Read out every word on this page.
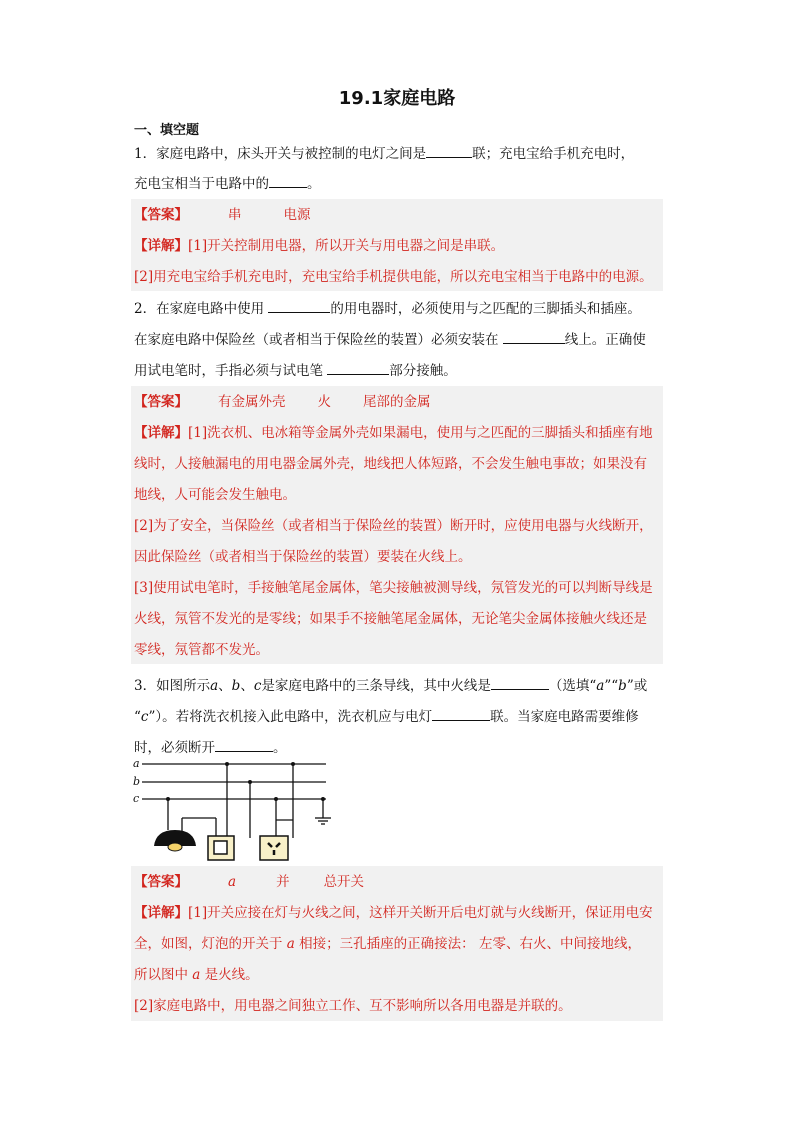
19.1家庭电路
一、填空题
1．家庭电路中，床头开关与被控制的电灯之间是	联；充电宝给手机充电时，
充电宝相当于电路中的	。
【答案】	串	电源
【详解】[1]开关控制用电器，所以开关与用电器之间是串联。
[2]用充电宝给手机充电时，充电宝给手机提供电能，所以充电宝相当于电路中的电源。
2．在家庭电路中使用	的用电器时，必须使用与之匹配的三脚插头和插座。
在家庭电路中保险丝（或者相当于保险丝的装置）必须安装在	线上。正确使
用试电笔时，手指必须与试电笔	部分接触。
【答案】 有金属外壳 火 尾部的金属
【详解】[1]洗衣机、电冰箱等金属外壳如果漏电，使用与之匹配的三脚插头和插座有地
线时，人接触漏电的用电器金属外壳，地线把人体短路，不会发生触电事故；如果没有
地线，人可能会发生触电。
[2]为了安全，当保险丝（或者相当于保险丝的装置）断开时，应使用电器与火线断开，
因此保险丝（或者相当于保险丝的装置）要装在火线上。
[3]使用试电笔时，手接触笔尾金属体，笔尖接触被测导线，氖管发光的可以判断导线是
火线，氖管不发光的是零线；如果手不接触笔尾金属体，无论笔尖金属体接触火线还是
零线，氖管都不发光。
3．如图所示a、b、c是家庭电路中的三条导线，其中火线是	（选填“a”“b”或
“c”）。若将洗衣机接入此电路中，洗衣机应与电灯	联。当家庭电路需要维修
时，必须断开	。
a
b
c
【答案】	a	并	总开关
【详解】[1]开关应接在灯与火线之间，这样开关断开后电灯就与火线断开，保证用电安
全，如图，灯泡的开关于 a 相接；三孔插座的正确接法： 左零、右火、中间接地线，
所以图中 a 是火线。
[2]家庭电路中，用电器之间独立工作、互不影响所以各用电器是并联的。
